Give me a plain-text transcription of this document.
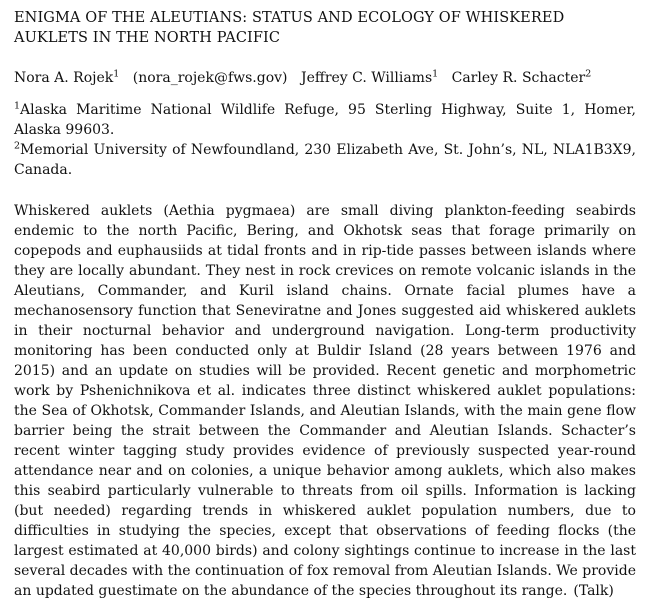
ENIGMA OF THE ALEUTIANS: STATUS AND ECOLOGY OF WHISKERED AUKLETS IN THE NORTH PACIFIC
Nora A. Rojek$^1$ (nora_rojek@fws.gov) Jeffrey C. Williams$^1$ Carley R. Schacter$^2$
$^1$Alaska Maritime National Wildlife Refuge, 95 Sterling Highway, Suite 1, Homer, Alaska 99603.
$^2$Memorial University of Newfoundland, 230 Elizabeth Ave, St. John’s, NL, NLA1B3X9, Canada.
Whiskered auklets (Aethia pygmaea) are small diving plankton-feeding seabirds endemic to the north Pacific, Bering, and Okhotsk seas that forage primarily on copepods and euphausiids at tidal fronts and in rip-tide passes between islands where they are locally abundant. They nest in rock crevices on remote volcanic islands in the Aleutians, Commander, and Kuril island chains. Ornate facial plumes have a mechanosensory function that Seneviratne and Jones suggested aid whiskered auklets in their nocturnal behavior and underground navigation. Long-term productivity monitoring has been conducted only at Buldir Island (28 years between 1976 and 2015) and an update on studies will be provided. Recent genetic and morphometric work by Pshenichnikova et al. indicates three distinct whiskered auklet populations: the Sea of Okhotsk, Commander Islands, and Aleutian Islands, with the main gene flow barrier being the strait between the Commander and Aleutian Islands. Schacter’s recent winter tagging study provides evidence of previously suspected year-round attendance near and on colonies, a unique behavior among auklets, which also makes this seabird particularly vulnerable to threats from oil spills. Information is lacking (but needed) regarding trends in whiskered auklet population numbers, due to difficulties in studying the species, except that observations of feeding flocks (the largest estimated at 40,000 birds) and colony sightings continue to increase in the last several decades with the continuation of fox removal from Aleutian Islands. We provide an updated guestimate on the abundance of the species throughout its range. (Talk)
